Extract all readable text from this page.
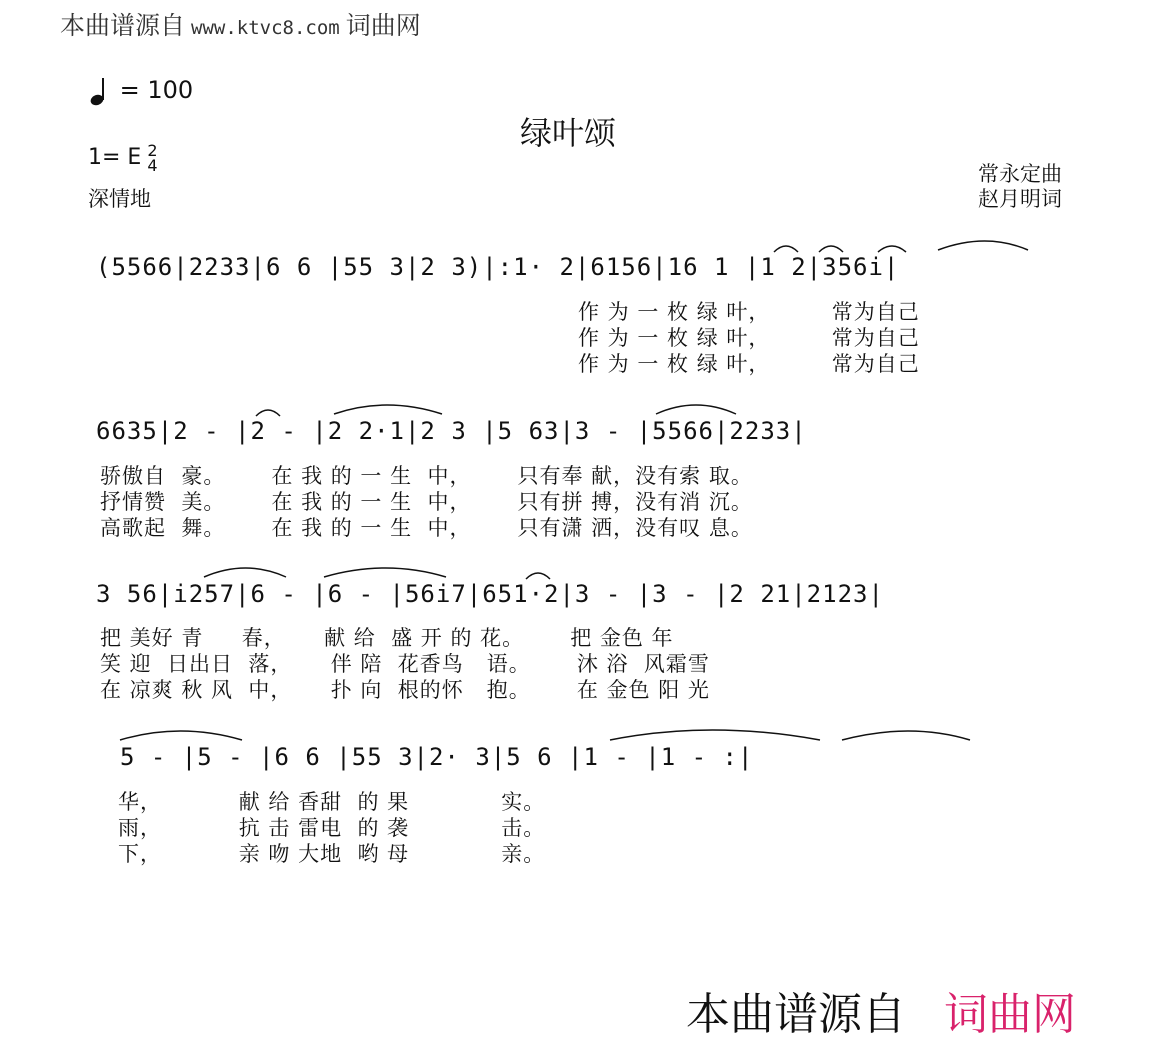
本曲谱源自 www.ktvc8.com 词曲网
= 100
绿叶颂
1= E 2
4
深情地
常永定曲
赵月明词
(5566|2233|6 6 |55 3|2 3)|:1· 2|6156|16 1 |1 2|356i|
作 为 一 枚 绿 叶，        常为自己
作 为 一 枚 绿 叶，        常为自己
作 为 一 枚 绿 叶，        常为自己
6635|2 - |2 - |2 2·1|2 3 |5 63|3 - |5566|2233|
骄傲自  豪。      在 我 的 一 生  中，      只有奉 献，没有索 取。
抒情赞  美。      在 我 的 一 生  中，      只有拼 搏，没有消 沉。
高歌起  舞。      在 我 的 一 生  中，      只有潇 洒，没有叹 息。
3 56|i257|6 - |6 - |56i7|651·2|3 - |3 - |2 21|2123|
把 美好 青     春，     献 给  盛 开 的 花。      把 金色 年
笑 迎  日出日  落，     伴 陪  花香鸟   语。      沐 浴  风霜雪
在 凉爽 秋 风  中，     扑 向  根的怀   抱。      在 金色 阳 光
5 - |5 - |6 6 |55 3|2· 3|5 6 |1 - |1 - :|
华，          献 给 香甜  的 果            实。
雨，          抗 击 雷电  的 袭            击。
下，          亲 吻 大地  哟 母            亲。
本曲谱源自 词曲网
